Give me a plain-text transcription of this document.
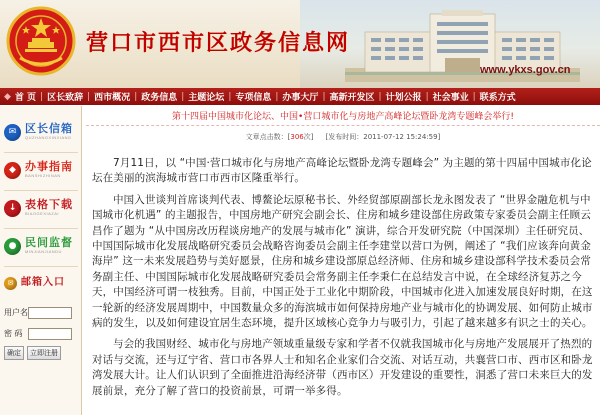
营口市西市区政务信息网
www.ykxs.gov.cn
◆ 首 页 | 区长致辞 | 西市概况 | 政务信息 | 主题论坛 | 专项信息 | 办事大厅 | 高新开发区 | 计划公报 | 社会事业 | 联系方式
✉ 区长信箱
QUZHANGXINXIANG
◆ 办事指南
BANSHIZHINAN
↓ 表格下载
BIAOGEXIAZAI
● 民间监督
MINJIANJIANDU
✉ 邮箱入口
用户名
密 码
确定	立即注册
第十四届中国城市化论坛、中国•营口城市化与房地产高峰论坛暨卧龙湾专题峰会举行!
文章点击数：[ 306 次] [发布时间： 2011-07-12 15:24:59 ]

7月11日，以 “中国·营口城市化与房地产高峰论坛暨卧龙湾专题峰会” 为主题的第十四届中国城市化论坛在美丽的滨海城市营口市西市区隆重举行。

中国入世谈判首席谈判代表、博鳌论坛原秘书长、外经贸部原副部长龙永图发表了 “世界金融危机与中国城市化机遇” 的主题报告，中国房地产研究会副会长、住房和城乡建设部住房政策专家委员会副主任顾云昌作了题为 “从中国房改历程谈房地产的发展与城市化” 演讲，综合开发研究院（中国深圳）主任研究员、中国国际城市化发展战略研究委员会战略咨询委员会副主任李建堂以营口为例，阐述了 “我们应该奔向黄金海岸” 这一未来发展趋势与美好愿景，住房和城乡建设部原总经济师、住房和城乡建设部科学技术委员会常务副主任、中国国际城市化发展战略研究委员会常务副主任李秉仁在总结发言中说，在全球经济复苏之今天，中国经济可谓一枝独秀。目前，中国正处于工业化中期阶段，中国城市化进入加速发展良好时期，在这一轮新的经济发展周期中，中国数量众多的海滨城市如何保持房地产业与城市化的协调发展、如何防止城市病的发生，以及如何建设宜居生态环境，提升区域核心竞争力与吸引力，引起了越来越多有识之士的关心。

与会的我国财经、城市化与房地产领域重量级专家和学者不仅就我国城市化与房地产发展展开了热烈的对话与交流，还与辽宁省、营口市各界人士和知名企业家们合交流、对话互动，共襄营口市、西市区和卧龙湾发展大计。让人们认识到了全面推进沿海经济带（西市区）开发建设的重要性，洞悉了营口未来巨大的发展前景，充分了解了营口的投资前景，可谓一举多得。
